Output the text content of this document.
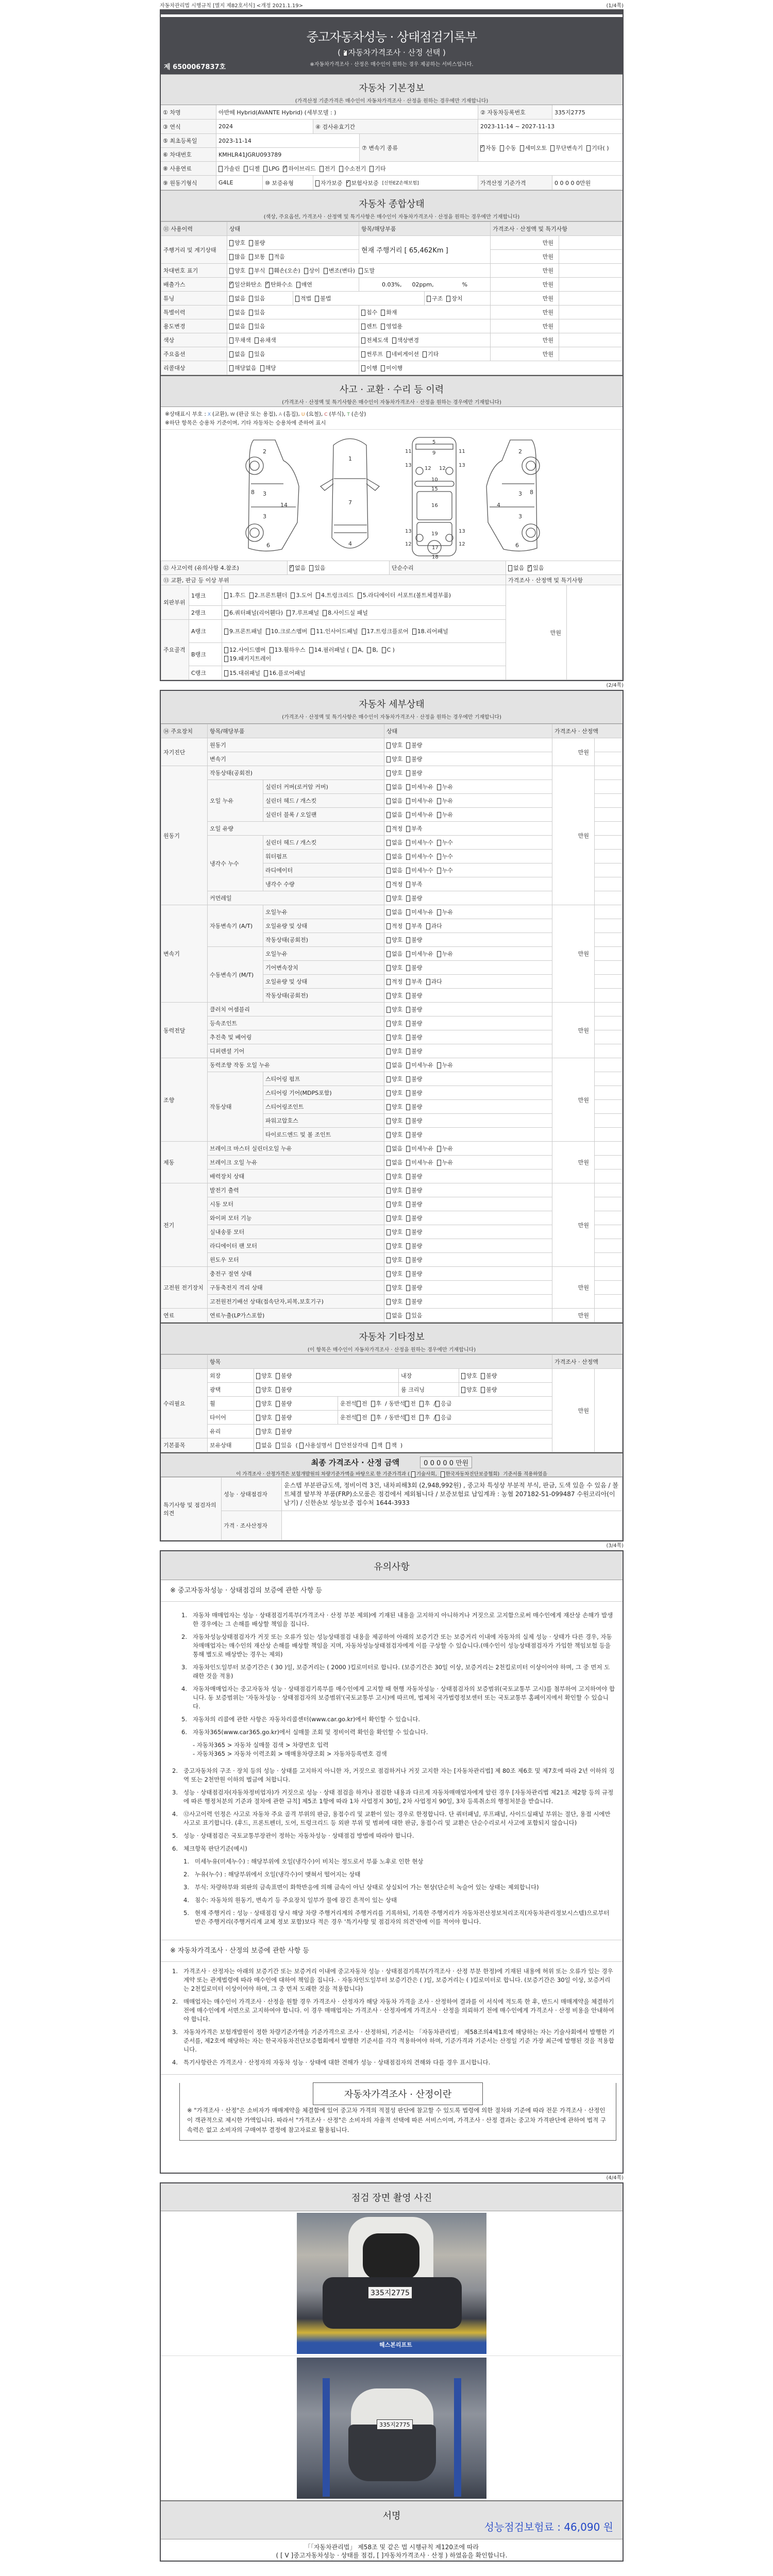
자동차관리법 시행규칙 [별지 제82호서식] <개정 2021.1.19>	(1/4쪽)
중고자동차성능 · 상태점검기록부
( ✓ 자동차가격조사 · 산정 선택 )
※자동차가격조사 · 산정은 매수인이 원하는 경우 제공하는 서비스입니다.
제 6500067837호
자동차 기본정보
(가격산정 기준가격은 매수인이 자동차가격조사 · 산정을 원하는 경우에만 기재합니다)
① 차명	아반떼 Hybrid(AVANTE Hybrid) (세부모델 : )	② 자동차등록번호	335지2775
③ 연식	2024	④ 검사유효기간	2023-11-14 ~ 2027-11-13
⑤ 최초등록일	2023-11-14
⑥ 차대번호	KMHLR41JGRU093789
⑦ 변속기 종류 ✓	자동	수동	세미오토	무단변속기	기타( )
⑧ 사용연료	가솔린	디젤	LPG ✓	하이브리드	전기	수소전기	기타
⑨ 원동기형식	G4LE	⑩ 보증유형	자가보증 ✓ 보험사보증 [신한EZ손해보험]	가격산정 기준가격	0 0 0 0 0만원
자동차 종합상태
(색상, 주요옵션, 가격조사 · 산정액 및 특기사항은 매수인이 자동차가격조사 · 산정을 원하는 경우에만 기재합니다)
⑪ 사용이력	상태		항목/해당부품	가격조사 · 산정액 및 특기사항	
주행거리 및 계기상태	양호 불량		현재 주행거리 [ 65,462Km ]	만원	
	많음 보통 적음			만원	
차대번호 표기	양호 부식 훼손(오손) 상이 변조(변타) 도말			만원	
배출가스	✓일산화탄소 ✓ 탄화수소 매연		0.03%, 02ppm, %	만원	
튜닝	없음 있음	적법 불법 구조 장치		만원	
특별이력	없음 있음		침수 화재	만원	
용도변경	없음 있음		렌트 영업용	만원	
색상	무채색 유채색		전체도색 색상변경	만원	
주요옵션	없음 있음		썬루프 네비게이션 기타	만원	
리콜대상	해당없음 해당		이행 미이행		
사고 · 교환 · 수리 등 이력
(가격조사 · 산정액 및 특기사항은 매수인이 자동차가격조사 · 산정을 원하는 경우에만 기재합니다)
※상태표시 부호 : X (교환), W (판금 또는 용접), A (흠집), U (요철), C (부식), T (손상)
※하단 항목은 승용차 기준이며, 기타 자동차는 승용차에 준하여 표시
2
8 3
3
14
6
1
7
4
5
9
11	11
13	13
12 12
10
15
16
13	13
19
12	12
17
18
2
3 8
3
4
6
⑫ 사고이력 (유의사항 4.참조)	✓없음 있음	단순수리	없음 ✓ 있음
⑬ 교환, 판금 등 이상 부위					가격조사 · 산정액 및 특기사항	
외판부위	1랭크	1.후드 2.프론트휀더 3.도어 4.트렁크리드 5.라디에이터 서포트(볼트체결부품)			만원	
	2랭크	6.쿼터패널(리어휀다) 7.루프패널 8.사이드실 패널				
주요골격	A랭크	9.프론트패널 10.크로스멤버 11.인사이드패널 17.트렁크플로어 18.리어패널				
	B랭크	12.사이드멤버 13.휠하우스 14.필러패널 ( A, B, C )
19.패키지트레이				
	C랭크	15.대쉬패널 16.플로어패널				
(2/4쪽)
자동차 세부상태
(가격조사 · 산정액 및 특기사항은 매수인이 자동차가격조사 · 산정을 원하는 경우에만 기재합니다)
⑭ 주요장치	항목/해당부품		상태	가격조사 · 산정액	
자기진단	원동기		양호 불량	만원	
	변속기		양호 불량		
원동기	작동상태(공회전)		양호 불량	만원	
	오일 누유	실린더 커버(로커암 커버)	없음 미세누유 누유		
		실린더 헤드 / 개스킷	없음 미세누유 누유		
		실린더 블록 / 오일팬	없음 미세누유 누유		
	오일 유량		적정 부족		
	냉각수 누수	실린더 헤드 / 개스킷	없음 미세누수 누수		
		워터펌프	없음 미세누수 누수		
		라디에이터	없음 미세누수 누수		
		냉각수 수량	적정 부족		
	커먼레일		양호 불량		
변속기	자동변속기 (A/T)	오일누유	없음 미세누유 누유	만원	
		오일유량 및 상태	적정 부족 과다		
		작동상태(공회전)	양호 불량		
	수동변속기 (M/T)	오일누유	없음 미세누유 누유		
		기어변속장치	양호 불량		
		오일유량 및 상태	적정 부족 과다		
		작동상태(공회전)	양호 불량		
동력전달	클러치 어셈블리		양호 불량	만원	
	등속조인트		양호 불량		
	추진축 및 베어링		양호 불량		
	디퍼렌셜 기어		양호 불량		
조향	동력조향 작동 오일 누유		없음 미세누유 누유	만원	
	작동상태	스티어링 펌프	양호 불량		
		스티어링 기어(MDPS포함)	양호 불량		
		스티어링조인트	양호 불량		
		파워고압호스	양호 불량		
		타이로드엔드 및 볼 조인트	양호 불량		
제동	브레이크 마스터 실린더오일 누유		없음 미세누유 누유	만원	
	브레이크 오일 누유		없음 미세누유 누유		
	배력장치 상태		양호 불량		
전기	발전기 출력		양호 불량	만원	
	시동 모터		양호 불량		
	와이퍼 모터 기능		양호 불량		
	실내송풍 모터		양호 불량		
	라디에이터 팬 모터		양호 불량		
	윈도우 모터		양호 불량		
고전원 전기장치	충전구 절연 상태		양호 불량	만원	
	구동축전지 격리 상태		양호 불량		
	고전원전기배선 상태(접속단자,피복,보호기구)		양호 불량		
연료	연료누출(LP가스포함)		없음 있음	만원	
자동차 기타정보
(이 항목은 매수인이 자동차가격조사 · 산정을 원하는 경우에만 기재합니다)
	항목					가격조사 · 산정액	
수리필요	외장	양호 불량		내장	양호 불량	만원	
	광택	양호 불량		룸 크리닝	양호 불량		
	휠	양호 불량	운전석 전 후 / 동반석 전 후 / 응급				
	타이어	양호 불량	운전석 전 후 / 동반석 전 후 / 응급				
	유리	양호 불량					
기본품목	보유상태	없음 있음 ( 사용설명서 안전삼각대 잭 잭 )					
최종 가격조사 · 산정 금액	0 0 0 0 0 만원
이 가격조사 · 산정가격은 보험개발원의 차량기준가액을 바탕으로 한 기준가격과 ( 기술사회, 한국자동차진단보증협회) 기준서를 적용하였음
특기사항 및 점검자의 의견	성능 · 상태점검자	운스텝 부분판금도색, 정비이력 3건, 내차피해3회 (2,948,992원) , 중고차 특성상 부분적 부식, 판금, 도색 있을 수 있음 / 볼트체결 탈부착 부품(FRP)소모품은 점검에서 제외됩니다 / 보증보험료 납입계좌 : 농협 207182-51-099487 수원코리아(이남기) / 신한손보 성능보증 접수처 1644-3933
	가격 · 조사산정자	
(3/4쪽)
유의사항
※ 중고자동차성능 · 상태점검의 보증에 관한 사항 등
1. 자동차 매매업자는 성능 · 상태점검기록부(가격조사 · 산정 부분 제외)에 기재된 내용을 고지하지 아니하거나 거짓으로 고지함으로써 매수인에게 재산상 손해가 발생한 경우에는 그 손해를 배상할 책임을 집니다.
2. 자동차성능상태점검자가 거짓 또는 오류가 있는 성능상태점검 내용을 제공하여 아래의 보증기간 또는 보증거리 이내에 자동차의 실제 성능 · 상태가 다른 경우, 자동차매매업자는 매수인의 재산상 손해를 배상할 책임을 지며, 자동차성능상태점검자에게 이를 구상할 수 있습니다.(매수인이 성능상태점검자가 가입한 책임보험 등을 통해 별도로 배상받는 경우는 제외)
3. 자동차인도일부터 보증기간은 ( 30 )일, 보증거리는 ( 2000 )킬로미터로 합니다. (보증기간은 30일 이상, 보증거리는 2천킬로미터 이상이어야 하며, 그 중 먼저 도래한 것을 적용)
4. 자동차매매업자는 중고자동차 성능 · 상태점검기록부를 매수인에게 고지할 때 현행 자동차성능 · 상태점검자의 보증범위(국토교통부 고시)를 첨부하여 고지하여야 합니다. 동 보증범위는 '자동차성능 · 상태점검자의 보증범위'(국토교통부 고시)에 따르며, 법제처 국가법령정보센터 또는 국토교통부 홈페이지에서 확인할 수 있습니다.
5. 자동차의 리콜에 관한 사항은 자동차리콜센터(www.car.go.kr)에서 확인할 수 있습니다.
6. 자동차365(www.car365.go.kr)에서 실매물 조회 및 정비이력 확인을 확인할 수 있습니다.
- 자동차365 > 자동차 실매물 검색 > 차량번호 입력
- 자동차365 > 자동차 이력조회 > 매매용차량조회 > 자동차등록번호 검색
2. 중고자동차의 구조 · 장치 등의 성능 · 상태를 고지하지 아니한 자, 거짓으로 점검하거나 거짓 고지한 자는 [자동차관리법] 제 80조 제6호 및 제7호에 따라 2년 이하의 징역 또는 2천만원 이하의 벌금에 처합니다.
3. 성능 · 상태점검자(자동차정비업자)가 거짓으로 성능 · 상태 점검을 하거나 점검한 내용과 다르게 자동차매매업자에게 알린 경우 [자동차관리법 제21조 제2항 등의 규정에 따른 행정처분의 기준과 절차에 관한 규칙] 제5조 1항에 따라 1차 사업정지 30일, 2차 사업정지 90일, 3차 등록취소의 행정처분을 받습니다.
4. ⑫사고이력 인정은 사고로 자동차 주요 골격 부위의 판금, 용접수리 및 교환이 있는 경우로 한정합니다. 단 쿼터패널, 루프패널, 사이드실패널 부위는 절단, 용접 시에만 사고로 표기합니다. (후드, 프론트펜더, 도어, 트렁크리드 등 외판 부위 및 범퍼에 대한 판금, 용접수리 및 교환은 단순수리로서 사고에 포함되지 않습니다)
5. 성능 · 상태점검은 국토교통부장관이 정하는 자동차성능 · 상태점검 방법에 따라야 합니다.
6. 체크항목 판단기준(예시)
1. 미세누유(미세누수) : 해당부위에 오일(냉각수)이 비치는 정도로서 부품 노후로 인한 현상
2. 누유(누수) : 해당부위에서 오일(냉각수)이 맺혀서 떨어지는 상태
3. 부식: 차량하부와 외판의 금속표면이 화학반응에 의해 금속이 아닌 상태로 상실되어 가는 현상(단순히 녹슬어 있는 상태는 제외합니다)
4. 침수: 자동차의 원동기, 변속기 등 주요장치 일부가 물에 잠긴 흔적이 있는 상태
5. 현재 주행거리 : 성능 · 상태점검 당시 해당 차량 주행거리계의 주행거리를 기록하되, 기록한 주행거리가 자동차전산정보처리조직(자동차관리정보시스템)으로부터 받은 주행거리(주행거리계 교체 정보 포함)보다 적은 경우 '특기사항 및 점검자의 의견'란에 이를 적어야 합니다.
※ 자동차가격조사 · 산정의 보증에 관한 사항 등
1. 가격조사 · 산정자는 아래의 보증기간 또는 보증거리 이내에 중고자동차 성능 · 상태점검기록부(가격조사 · 산정 부분 한정)에 기재된 내용에 허위 또는 오류가 있는 경우 계약 또는 관계법령에 따라 매수인에 대하여 책임을 집니다. · 자동차인도일부터 보증기간은 ( )일, 보증거리는 ( )킬로미터로 합니다. (보증기간은 30일 이상, 보증거리는 2천킬로미터 이상이어야 하며, 그 중 먼저 도래한 것을 적용합니다)
2. 매매업자는 매수인이 가격조사 · 산정을 원할 경우 가격조사 · 산정자가 해당 자동차 가격을 조사 · 산정하여 결과를 이 서식에 적도록 한 후, 반드시 매매계약을 체결하기 전에 매수인에게 서면으로 고지하여야 합니다. 이 경우 매매업자는 가격조사 · 산정자에게 가격조사 · 산정을 의뢰하기 전에 매수인에게 가격조사 · 산정 비용을 안내하여야 합니다.
3. 자동차가격은 보험개발원이 정한 차량기준가액을 기준가격으로 조사 · 산정하되, 기준서는 「자동차관리법」 제58조의4제1호에 해당하는 자는 기술사회에서 발행한 기준서를, 제2호에 해당하는 자는 한국자동차진단보증협회에서 발행한 기준서를 각각 적용하여야 하며, 기준가격과 기준서는 산정일 기준 가장 최근에 발행된 것을 적용합니다.
4. 특기사항란은 가격조사 · 산정자의 자동차 성능 · 상태에 대한 견해가 성능 · 상태점검자의 견해와 다를 경우 표시합니다.
자동차가격조사 · 산정이란

※ "가격조사 · 산정"은 소비자가 매매계약을 체결함에 있어 중고차 가격의 적절성 판단에 참고할 수 있도록 법령에 의한 절차와 기준에 따라 전문 가격조사 · 산정인이 객관적으로 제시한 가액입니다. 따라서 "가격조사 · 산정"은 소비자의 자율적 선택에 따른 서비스이며, 가격조사 · 산정 결과는 중고차 가격판단에 관하여 법적 구속력은 없고 소비자의 구매여부 결정에 참고자료로 활용됩니다.

(4/4쪽)
점검 장면 촬영 사진
335지2775
헤스본리프트
335지2775
서명
성능점검보험료 : 46,090 원
「「자동차관리법」 제58조 및 같은 법 시행규칙 제120조에 따라
( [ V ]중고자동차성능 · 상태를 점검, [ ]자동차가격조사 · 산정 ) 하였음을 확인합니다.
